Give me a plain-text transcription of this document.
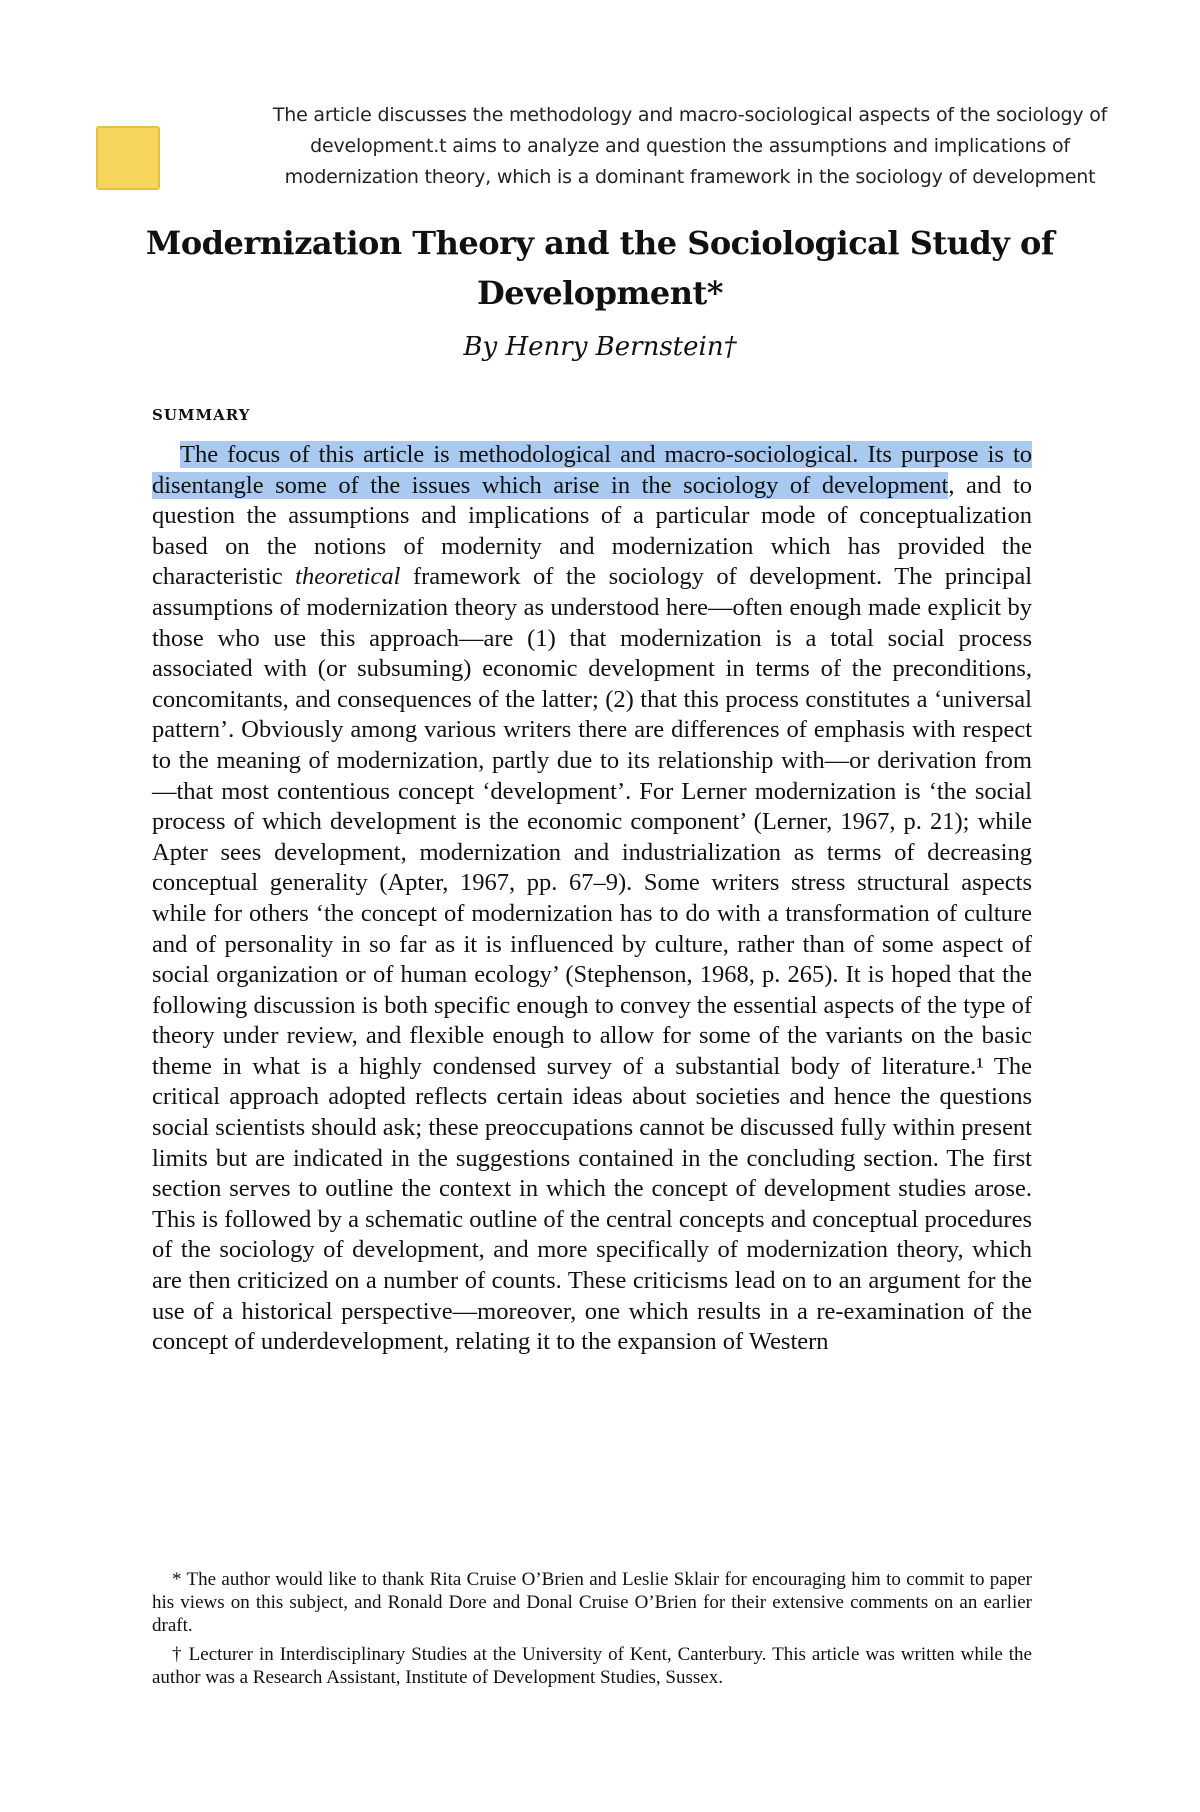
The article discusses the methodology and macro-sociological aspects of the sociology of development.t aims to analyze and question the assumptions and implications of modernization theory, which is a dominant framework in the sociology of development
Modernization Theory and the Sociological Study of Development*
By Henry Bernstein†
SUMMARY

The focus of this article is methodological and macro-sociological. Its purpose is to disentangle some of the issues which arise in the sociology of development, and to question the assumptions and implications of a particular mode of conceptualization based on the notions of modernity and modernization which has provided the characteristic theoretical framework of the sociology of development. The principal assumptions of modernization theory as understood here—often enough made explicit by those who use this approach—are (1) that modernization is a total social process associated with (or subsuming) economic development in terms of the preconditions, concomitants, and consequences of the latter; (2) that this process constitutes a ‘universal pattern’. Obviously among various writers there are differences of emphasis with respect to the meaning of modernization, partly due to its relationship with—or derivation from—that most contentious concept ‘development’. For Lerner modernization is ‘the social process of which development is the economic component’ (Lerner, 1967, p. 21); while Apter sees development, modernization and industrialization as terms of decreasing conceptual generality (Apter, 1967, pp. 67–9). Some writers stress structural aspects while for others ‘the concept of modernization has to do with a transformation of culture and of personality in so far as it is influenced by culture, rather than of some aspect of social organization or of human ecology’ (Stephenson, 1968, p. 265). It is hoped that the following discussion is both specific enough to convey the essential aspects of the type of theory under review, and flexible enough to allow for some of the variants on the basic theme in what is a highly condensed survey of a substantial body of literature.¹ The critical approach adopted reflects certain ideas about societies and hence the questions social scientists should ask; these preoccupations cannot be discussed fully within present limits but are indicated in the suggestions contained in the concluding section. The first section serves to outline the context in which the concept of development studies arose. This is followed by a schematic outline of the central concepts and conceptual procedures of the sociology of development, and more specifically of modernization theory, which are then criticized on a number of counts. These criticisms lead on to an argument for the use of a historical perspective—moreover, one which results in a re-examination of the concept of underdevelopment, relating it to the expansion of Western

* The author would like to thank Rita Cruise O’Brien and Leslie Sklair for encouraging him to commit to paper his views on this subject, and Ronald Dore and Donal Cruise O’Brien for their extensive comments on an earlier draft.

† Lecturer in Interdisciplinary Studies at the University of Kent, Canterbury. This article was written while the author was a Research Assistant, Institute of Development Studies, Sussex.
